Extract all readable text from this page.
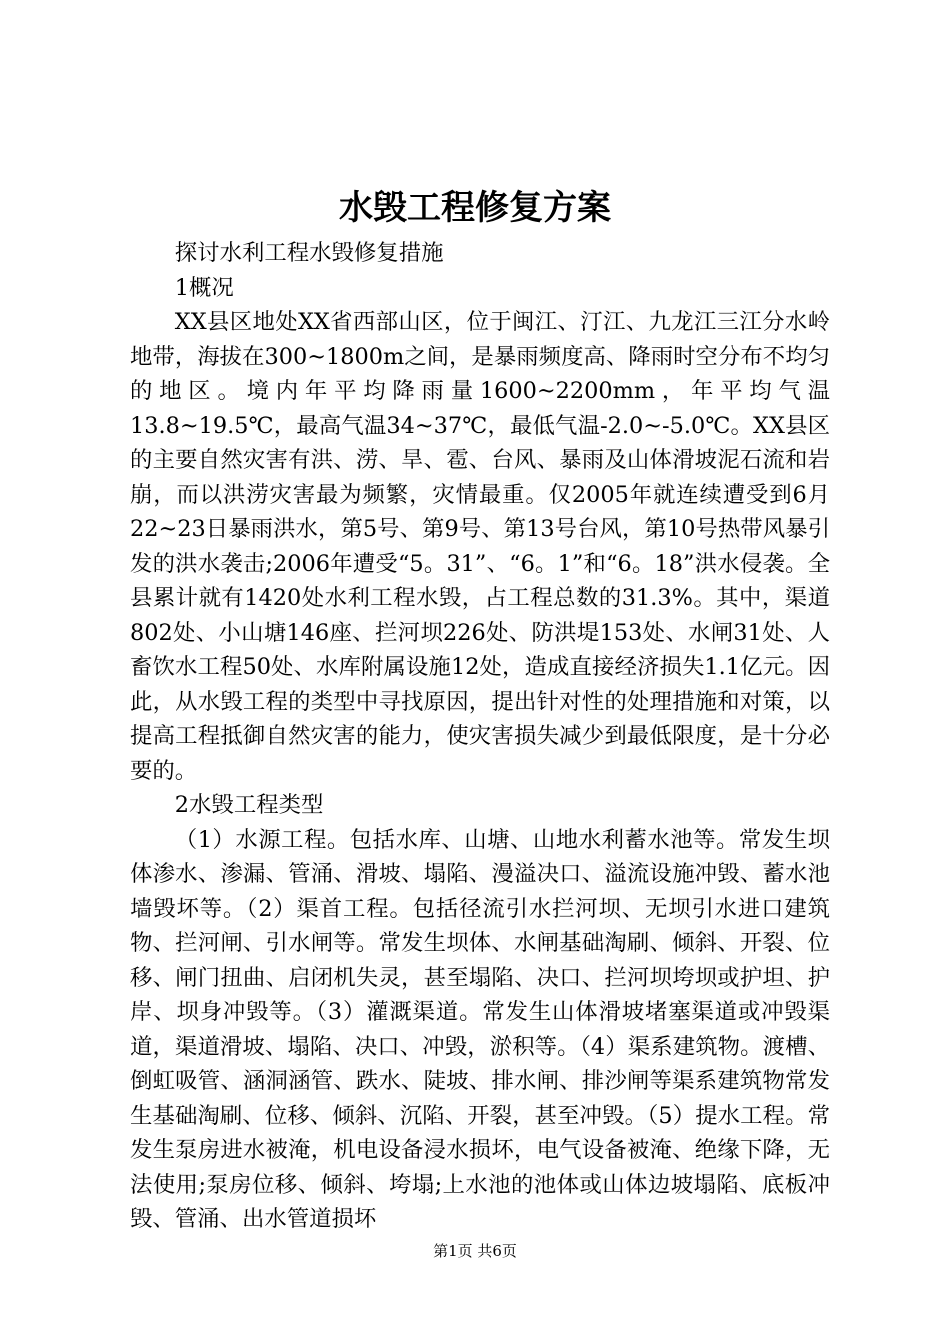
水毁工程修复方案

探讨水利工程水毁修复措施

1概况

XX县区地处XX省西部山区，位于闽江、汀江、九龙江三江分水岭地带，海拔在300~1800m之间，是暴雨频度高、降雨时空分布不均匀的地区。境内年平均降雨量1600~2200mm，年平均气温13.8~19.5℃，最高气温34~37℃，最低气温-2.0~-5.0℃。XX县区的主要自然灾害有洪、涝、旱、雹、台风、暴雨及山体滑坡泥石流和岩崩，而以洪涝灾害最为频繁，灾情最重。仅2005年就连续遭受到6月22~23日暴雨洪水，第5号、第9号、第13号台风，第10号热带风暴引发的洪水袭击;2006年遭受“5。31”、“6。1”和“6。18”洪水侵袭。全县累计就有1420处水利工程水毁，占工程总数的31.3%。其中，渠道802处、小山塘146座、拦河坝226处、防洪堤153处、水闸31处、人畜饮水工程50处、水库附属设施12处，造成直接经济损失1.1亿元。因此，从水毁工程的类型中寻找原因，提出针对性的处理措施和对策，以提高工程抵御自然灾害的能力，使灾害损失减少到最低限度，是十分必要的。

2水毁工程类型

（1）水源工程。包括水库、山塘、山地水利蓄水池等。常发生坝体渗水、渗漏、管涌、滑坡、塌陷、漫溢决口、溢流设施冲毁、蓄水池墙毁坏等。（2）渠首工程。包括径流引水拦河坝、无坝引水进口建筑物、拦河闸、引水闸等。常发生坝体、水闸基础淘刷、倾斜、开裂、位移、闸门扭曲、启闭机失灵，甚至塌陷、决口、拦河坝垮坝或护坦、护岸、坝身冲毁等。（3）灌溉渠道。常发生山体滑坡堵塞渠道或冲毁渠道，渠道滑坡、塌陷、决口、冲毁，淤积等。（4）渠系建筑物。渡槽、倒虹吸管、涵洞涵管、跌水、陡坡、排水闸、排沙闸等渠系建筑物常发生基础淘刷、位移、倾斜、沉陷、开裂，甚至冲毁。（5）提水工程。常发生泵房进水被淹，机电设备浸水损坏，电气设备被淹、绝缘下降，无法使用;泵房位移、倾斜、垮塌;上水池的池体或山体边坡塌陷、底板冲毁、管涌、出水管道损坏

第1页 共6页
